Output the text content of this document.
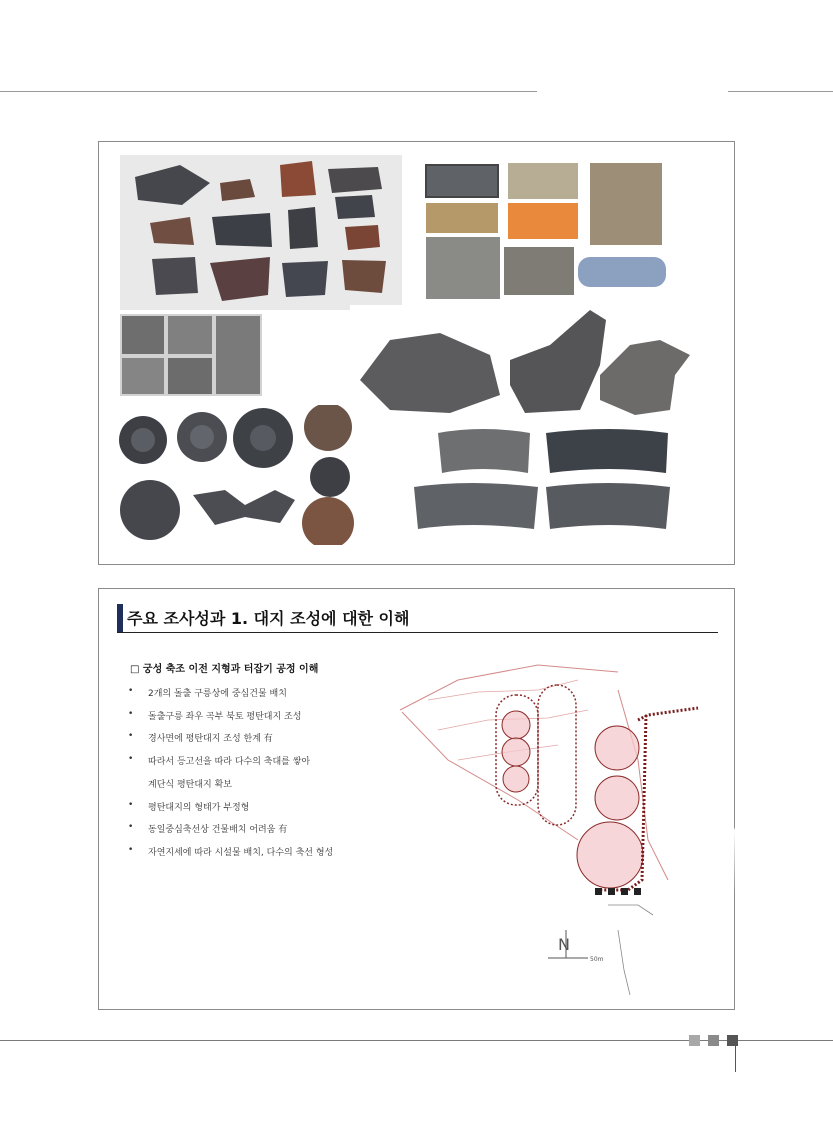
주요 조사성과 1. 대지 조성에 대한 이해
□ 궁성 축조 이전 지형과 터잡기 공정 이해
• 2개의 돌출 구릉상에 중심건물 배치
• 돌출구릉 좌우 곡부 북토 평탄대지 조성
• 경사면에 평탄대지 조성 한계 有
• 따라서 등고선을 따라 다수의 축대를 쌓아
계단식 평탄대지 확보
• 평탄대지의 형태가 부정형
• 동일중심축선상 건물배치 어려움 有
• 자연지세에 따라 시설물 배치, 다수의 축선 형성
N
50m
